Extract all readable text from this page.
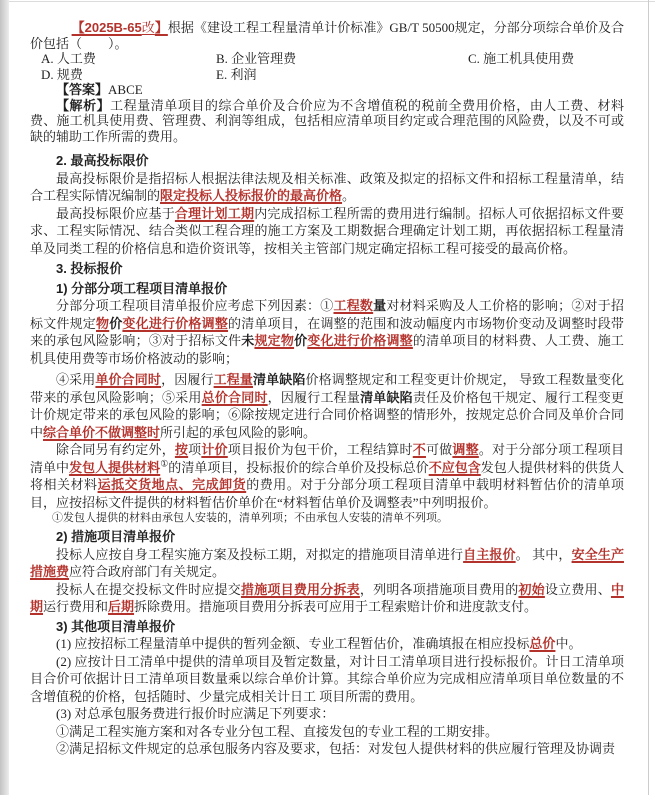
【2025B-65改】根据《建设工程工程量清单计价标准》GB/T 50500规定，分部分项综合单价及合价包括（　　）。

A. 人工费	B. 企业管理费	C. 施工机具使用费
D. 规费	E. 利润

【答案】ABCE

【解析】工程量清单项目的综合单价及合价应为不含增值税的税前全费用价格，由人工费、材料费、施工机具使用费、管理费、利润等组成，包括相应清单项目约定或合理范围的风险费，以及不可或缺的辅助工作所需的费用。

2. 最高投标限价

最高投标限价是指招标人根据法律法规及相关标准、政策及拟定的招标文件和招标工程量清单，结合工程实际情况编制的限定投标人投标报价的最高价格。

最高投标限价应基于合理计划工期内完成招标工程所需的费用进行编制。招标人可依据招标文件要求、工程实际情况、结合类似工程合理的施工方案及工期数据合理确定计划工期，再依据招标工程量清单及同类工程的价格信息和造价资讯等，按相关主管部门规定确定招标工程可接受的最高价格。

3. 投标报价

1) 分部分项工程项目清单报价

分部分项工程项目清单报价应考虑下列因素：①工程数量对材料采购及人工价格的影响；②对于招标文件规定物价变化进行价格调整的清单项目，在调整的范围和波动幅度内市场物价变动及调整时段带来的承包风险影响；③对于招标文件未规定物价变化进行价格调整的清单项目的材料费、人工费、施工机具使用费等市场价格波动的影响；

④采用单价合同时，因履行工程量清单缺陷价格调整规定和工程变更计价规定， 导致工程数量变化带来的承包风险影响；⑤采用总价合同时，因履行工程量清单缺陷责任及价格包干规定、履行工程变更计价规定带来的承包风险的影响；⑥除按规定进行合同价格调整的情形外，按规定总价合同及单价合同中综合单价不做调整时所引起的承包风险的影响。

除合同另有约定外，按项计价项目报价为包干价，工程结算时不可做调整。对于分部分项工程项目清单中发包人提供材料①的清单项目，投标报价的综合单价及投标总价不应包含发包人提供材料的供货人将相关材料运抵交货地点、完成卸货的费用。对于分部分项工程项目清单中载明材料暂估价的清单项目，应按招标文件提供的材料暂估价单价在“材料暂估单价及调整表”中列明报价。

①发包人提供的材料由承包人安装的，清单列项；不由承包人安装的清单不列项。

2) 措施项目清单报价

投标人应按自身工程实施方案及投标工期，对拟定的措施项目清单进行自主报价。 其中，安全生产措施费应符合政府部门有关规定。

投标人在提交投标文件时应提交措施项目费用分拆表，列明各项措施项目费用的初始设立费用、中期运行费用和后期拆除费用。措施项目费用分拆表可应用于工程索赔计价和进度款支付。

3) 其他项目清单报价

(1) 应按招标工程量清单中提供的暂列金额、专业工程暂估价，准确填报在相应投标总价中。

(2) 应按计日工清单中提供的清单项目及暂定数量，对计日工清单项目进行投标报价。计日工清单项目合价可依据计日工清单项目数量乘以综合单价计算。其综合单价应为完成相应清单项目单位数量的不含增值税的价格，包括随时、少量完成相关计日工 项目所需的费用。

(3) 对总承包服务费进行报价时应满足下列要求：

①满足工程实施方案和对各专业分包工程、直接发包的专业工程的工期安排。

②满足招标文件规定的总承包服务内容及要求，包括：对发包人提供材料的供应履行管理及协调责
